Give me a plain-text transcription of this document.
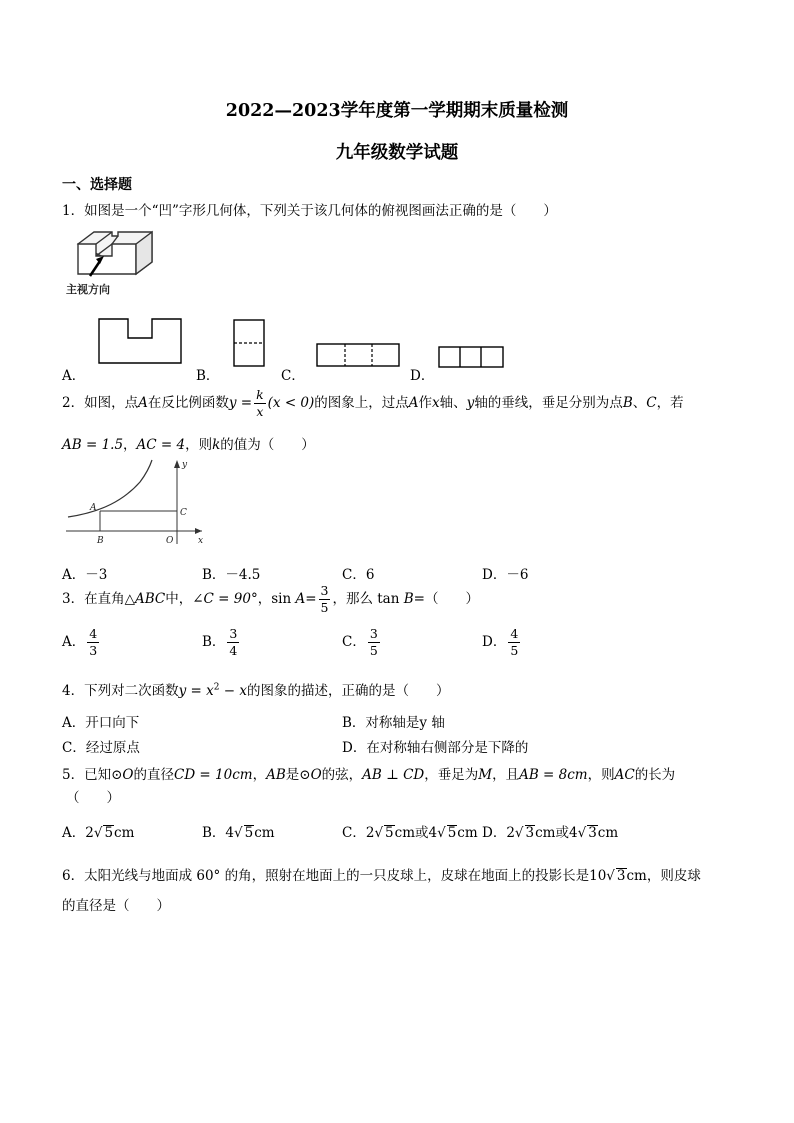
2022—2023学年度第一学期期末质量检测
九年级数学试题
一、选择题
1．如图是一个“凹”字形几何体，下列关于该几何体的俯视图画法正确的是（　　）
主视方向
A．	B．	C．	D．
2．如图，点A在反比例函数$y = \frac{k}{x} (x < 0)$的图象上，过点A作x轴、y轴的垂线，垂足分别为点B、C，若
AB = 1.5，AC = 4，则k的值为（　　）
y
A	C
B	O	x
A．－3	B．－4.5	C．6	D．－6
3．在直角△ABC中，∠C = 90°，$\sin A= \frac{3}{5}$ ，那么 tan B=（　　）
A． $\frac{4}{3}$	B． $\frac{3}{4}$	C． $\frac{3}{5}$	D． $\frac{4}{5}$
4．下列对二次函数$y = x^2 - x$的图象的描述，正确的是（　　）
A．开口向下	B．对称轴是y 轴
C．经过原点	D．在对称轴右侧部分是下降的
5．已知⊙O的直径CD = 10cm，AB是⊙O的弦，AB ⊥ CD，垂足为M，且AB = 8cm，则AC的长为
（　　）
A．2√ 5cm	B．4√ 5cm	C．2√ 5cm或4√ 5cm D．2√ 3cm或4√ 3cm
6．太阳光线与地面成 60° 的角，照射在地面上的一只皮球上，皮球在地面上的投影长是10√ 3cm，则皮球
的直径是（　　）
